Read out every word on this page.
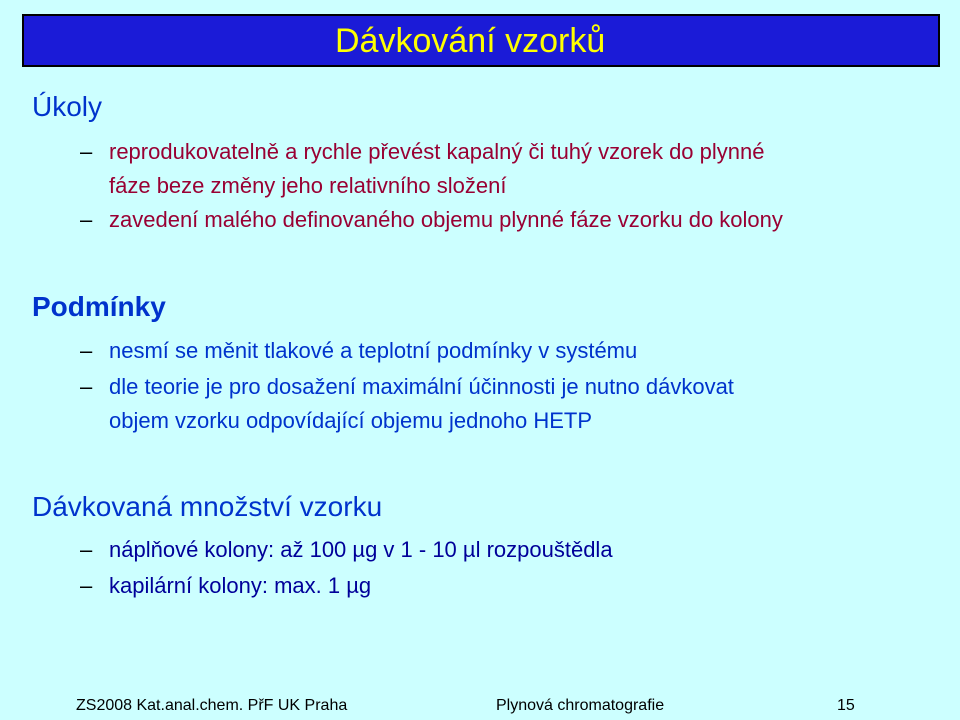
Dávkování vzorků
Úkoly
– reprodukovatelně a rychle převést kapalný či tuhý vzorek do plynné
fáze beze změny jeho relativního složení
– zavedení malého definovaného objemu plynné fáze vzorku do kolony
Podmínky
– nesmí se měnit tlakové a teplotní podmínky v systému
– dle teorie je pro dosažení maximální účinnosti je nutno dávkovat
objem vzorku odpovídající objemu jednoho HETP
Dávkovaná množství vzorku
– náplňové kolony: až 100 µg v 1 - 10 µl rozpouštědla
– kapilární kolony: max. 1 µg
ZS2008 Kat.anal.chem. PřF UK Praha	Plynová chromatografie	15
